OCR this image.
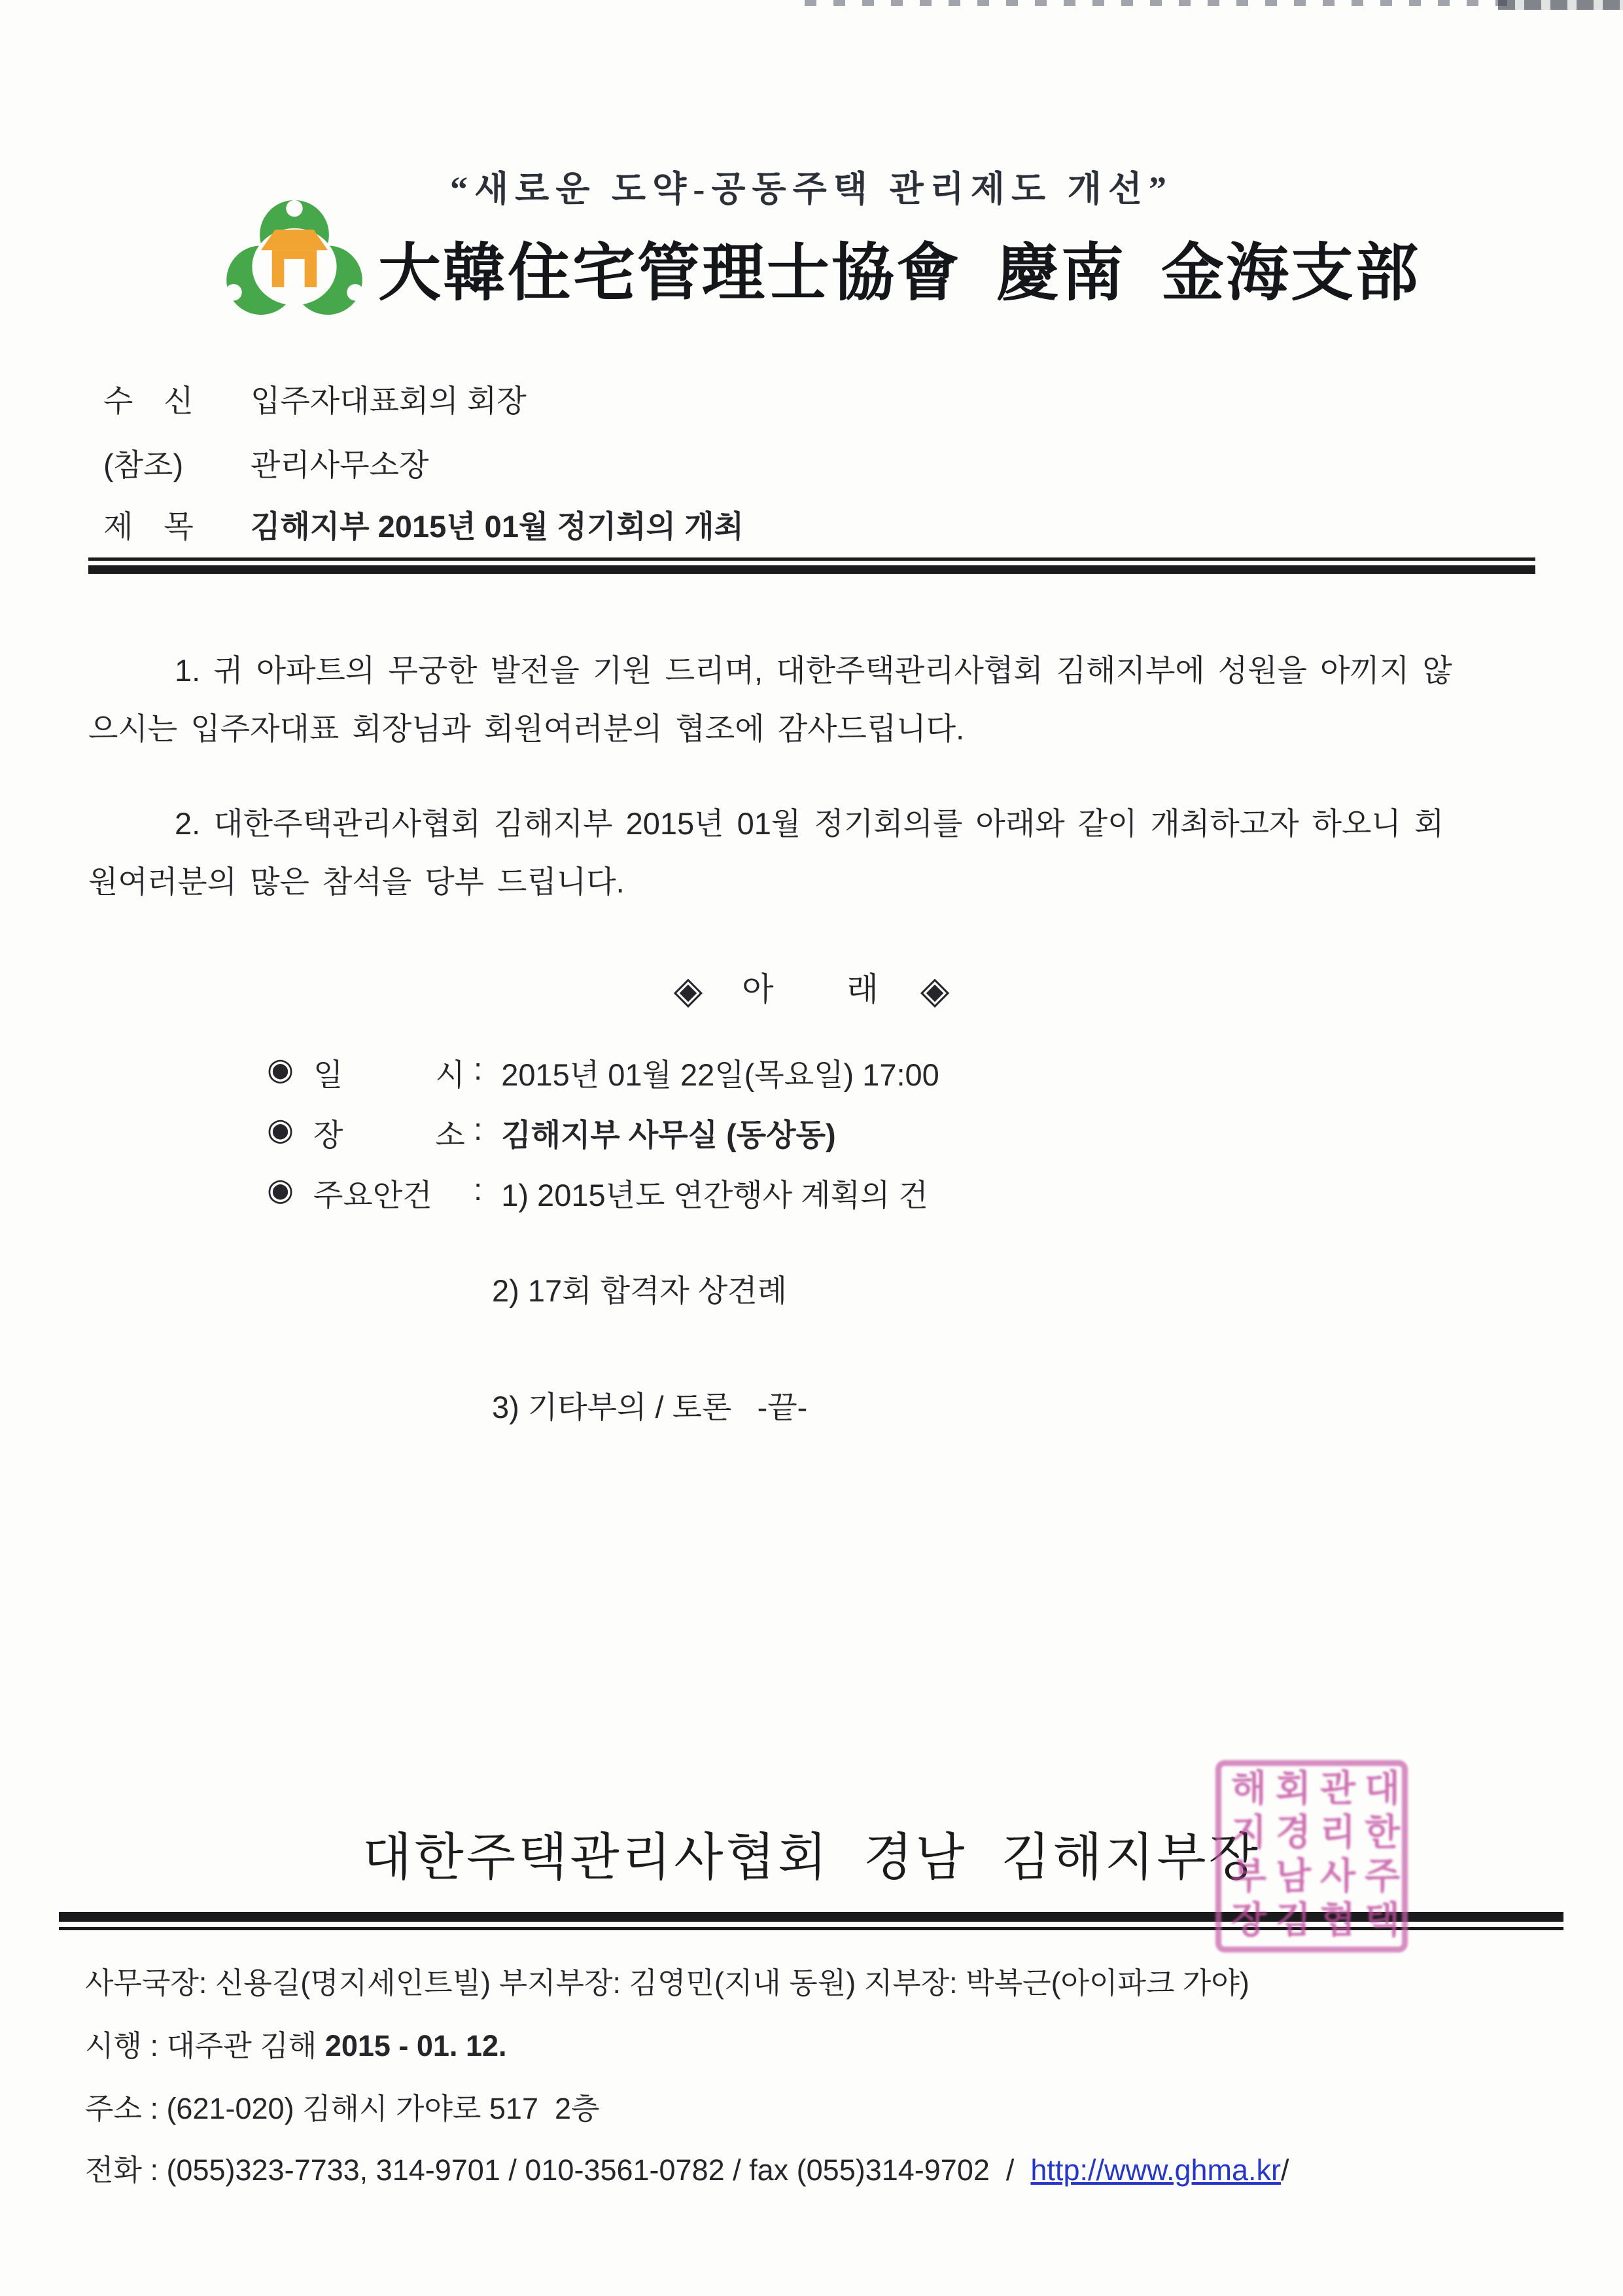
“새로운 도약-공동주택 관리제도 개선”
大韓住宅管理士協會  慶南  金海支部
수　신	입주자대표회의 회장
(참조)	관리사무소장
제　목	김해지부 2015년 01월 정기회의 개최

1. 귀 아파트의 무궁한 발전을 기원 드리며, 대한주택관리사협회 김해지부에 성원을 아끼지 않으시는 입주자대표 회장님과 회원여러분의 협조에 감사드립니다.

2. 대한주택관리사협회 김해지부 2015년 01월 정기회의를 아래와 같이 개최하고자 하오니 회원여러분의 많은 참석을 당부 드립니다.

◈ 아　　래 ◈
◉ 일　　　시 : 2015년 01월 22일(목요일) 17:00
◉ 장　　　소 : 김해지부 사무실 (동상동)
◉ 주요안건	: 1) 2015년도 연간행사 계획의 건
2) 17회 합격자 상견례
3) 기타부의 / 토론   -끝-
대한주택관리사협회 경남 김해지부장	대한주택관리사협회경남김해지부장
사무국장: 신용길(명지세인트빌) 부지부장: 김영민(지내 동원) 지부장: 박복근(아이파크 가야)
시행 : 대주관 김해 2015 - 01. 12.
주소 : (621-020) 김해시 가야로 517  2층
전화 : (055)323-7733, 314-9701 / 010-3561-0782 / fax (055)314-9702  /  http://www.ghma.kr/
